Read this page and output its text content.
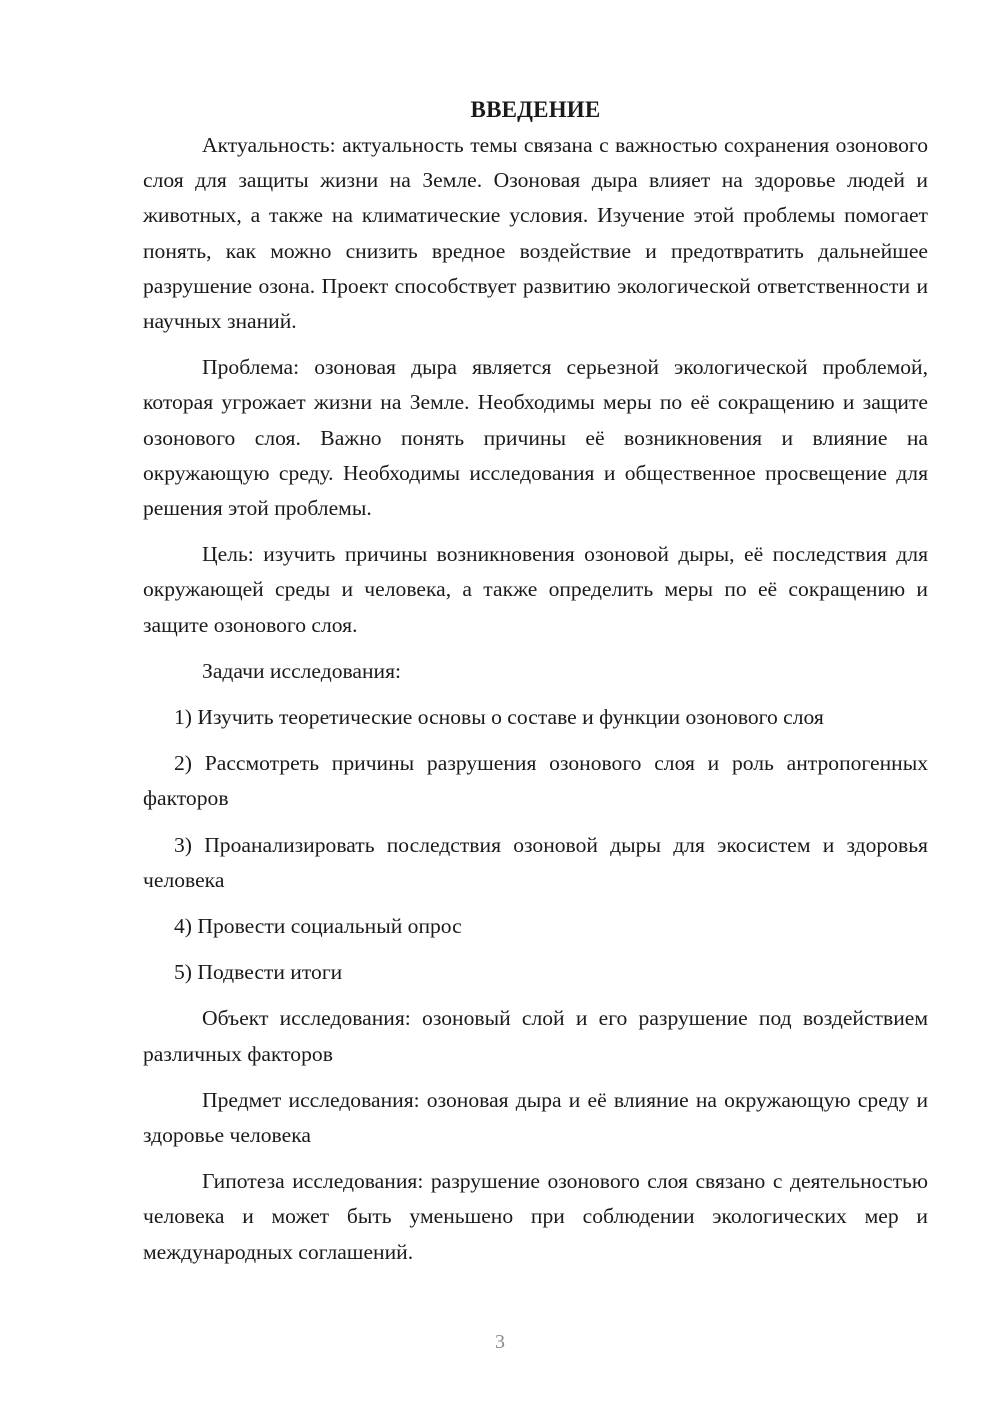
ВВЕДЕНИЕ

Актуальность: актуальность темы связана с важностью сохранения озонового слоя для защиты жизни на Земле. Озоновая дыра влияет на здоровье людей и животных, а также на климатические условия. Изучение этой проблемы помогает понять, как можно снизить вредное воздействие и предотвратить дальнейшее разрушение озона. Проект способствует развитию экологической ответственности и научных знаний.

Проблема: озоновая дыра является серьезной экологической проблемой, которая угрожает жизни на Земле. Необходимы меры по её сокращению и защите озонового слоя. Важно понять причины её возникновения и влияние на окружающую среду. Необходимы исследования и общественное просвещение для решения этой проблемы.

Цель: изучить причины возникновения озоновой дыры, её последствия для окружающей среды и человека, а также определить меры по её сокращению и защите озонового слоя.

Задачи исследования:

1) Изучить теоретические основы о составе и функции озонового слоя

2) Рассмотреть причины разрушения озонового слоя и роль антропогенных факторов

3) Проанализировать последствия озоновой дыры для экосистем и здоровья человека

4) Провести социальный опрос

5) Подвести итоги

Объект исследования: озоновый слой и его разрушение под воздействием различных факторов

Предмет исследования: озоновая дыра и её влияние на окружающую среду и здоровье человека

Гипотеза исследования: разрушение озонового слоя связано с деятельностью человека и может быть уменьшено при соблюдении экологических мер и международных соглашений.

3
